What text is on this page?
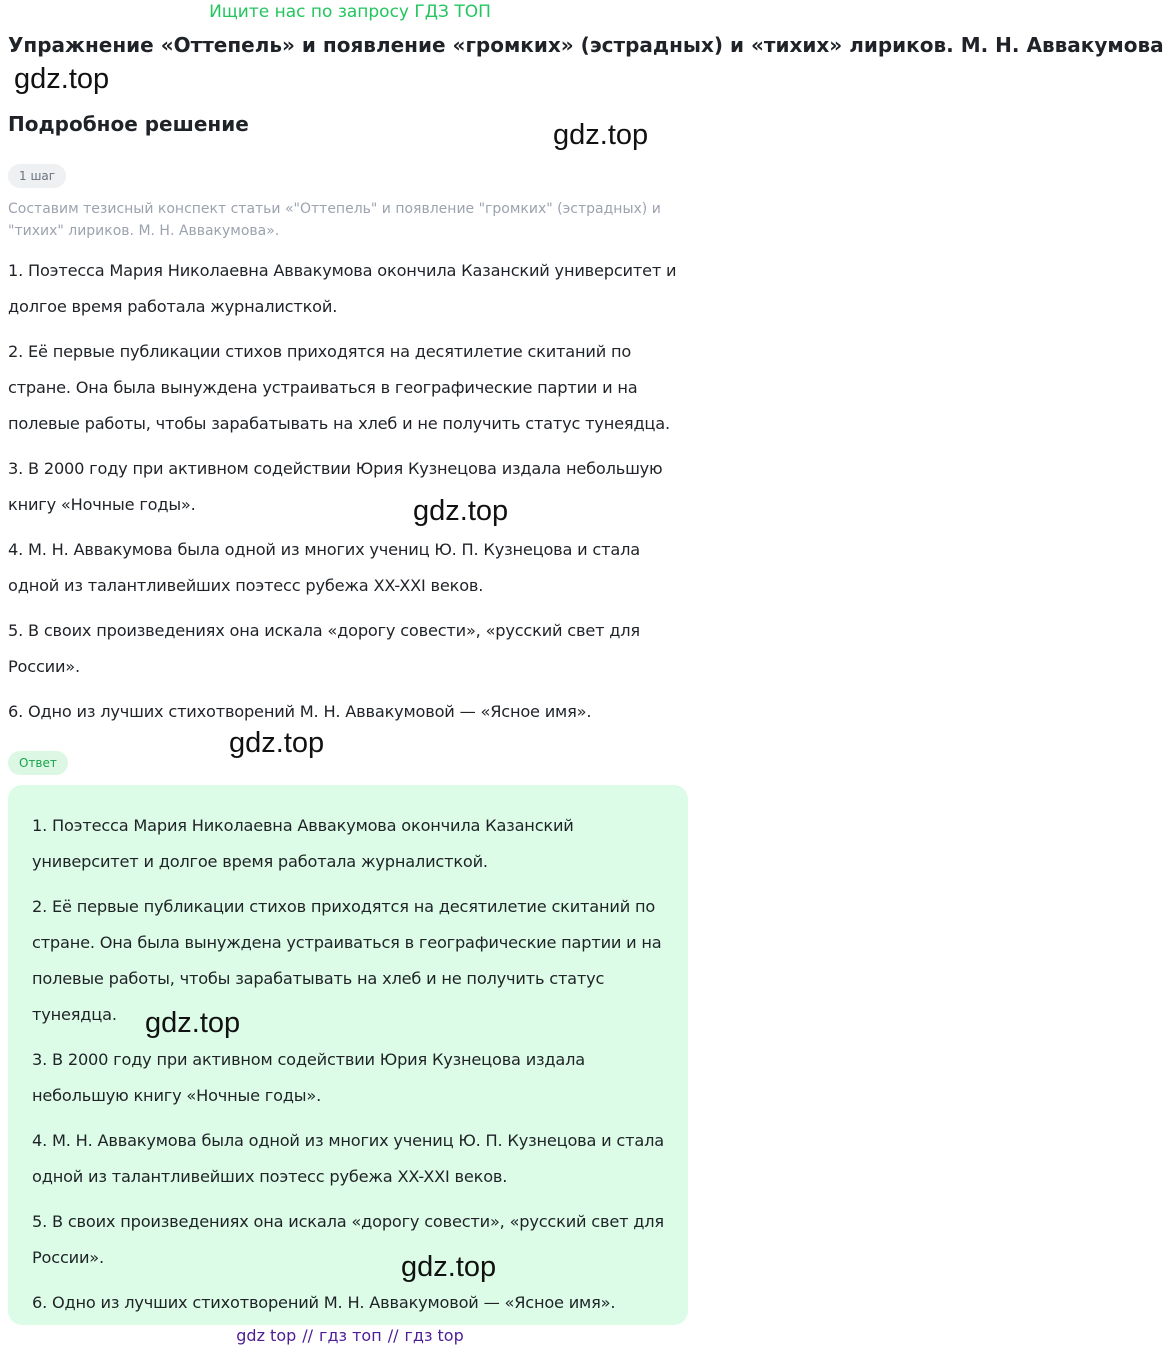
Ищите нас по запросу ГДЗ ТОП
Упражнение «Оттепель» и появление «громких» (эстрадных) и «тихих» лириков. М. Н. Аввакумова
gdz.top
gdz.top
gdz.top
gdz.top
Подробное решение
1 шаг
Составим тезисный конспект статьи «"Оттепель" и появление "громких" (эстрадных) и "тихих" лириков. М. Н. Аввакумова».

1. Поэтесса Мария Николаевна Аввакумова окончила Казанский университет и долгое время работала журналисткой.

2. Её первые публикации стихов приходятся на десятилетие скитаний по стране. Она была вынуждена устраиваться в географические партии и на полевые работы, чтобы зарабатывать на хлеб и не получить статус тунеядца.

3. В 2000 году при активном содействии Юрия Кузнецова издала небольшую книгу «Ночные годы».

4. М. Н. Аввакумова была одной из многих учениц Ю. П. Кузнецова и стала одной из талантливейших поэтесс рубежа XX-XXI веков.

5. В своих произведениях она искала «дорогу совести», «русский свет для России».

6. Одно из лучших стихотворений М. Н. Аввакумовой — «Ясное имя».

Ответ

1. Поэтесса Мария Николаевна Аввакумова окончила Казанский университет и долгое время работала журналисткой.

2. Её первые публикации стихов приходятся на десятилетие скитаний по стране. Она была вынуждена устраиваться в географические партии и на полевые работы, чтобы зарабатывать на хлеб и не получить статус тунеядца.

3. В 2000 году при активном содействии Юрия Кузнецова издала небольшую книгу «Ночные годы».

4. М. Н. Аввакумова была одной из многих учениц Ю. П. Кузнецова и стала одной из талантливейших поэтесс рубежа XX-XXI веков.

5. В своих произведениях она искала «дорогу совести», «русский свет для России».

6. Одно из лучших стихотворений М. Н. Аввакумовой — «Ясное имя».

gdz.top
gdz.top
gdz top // гдз топ // гдз top
